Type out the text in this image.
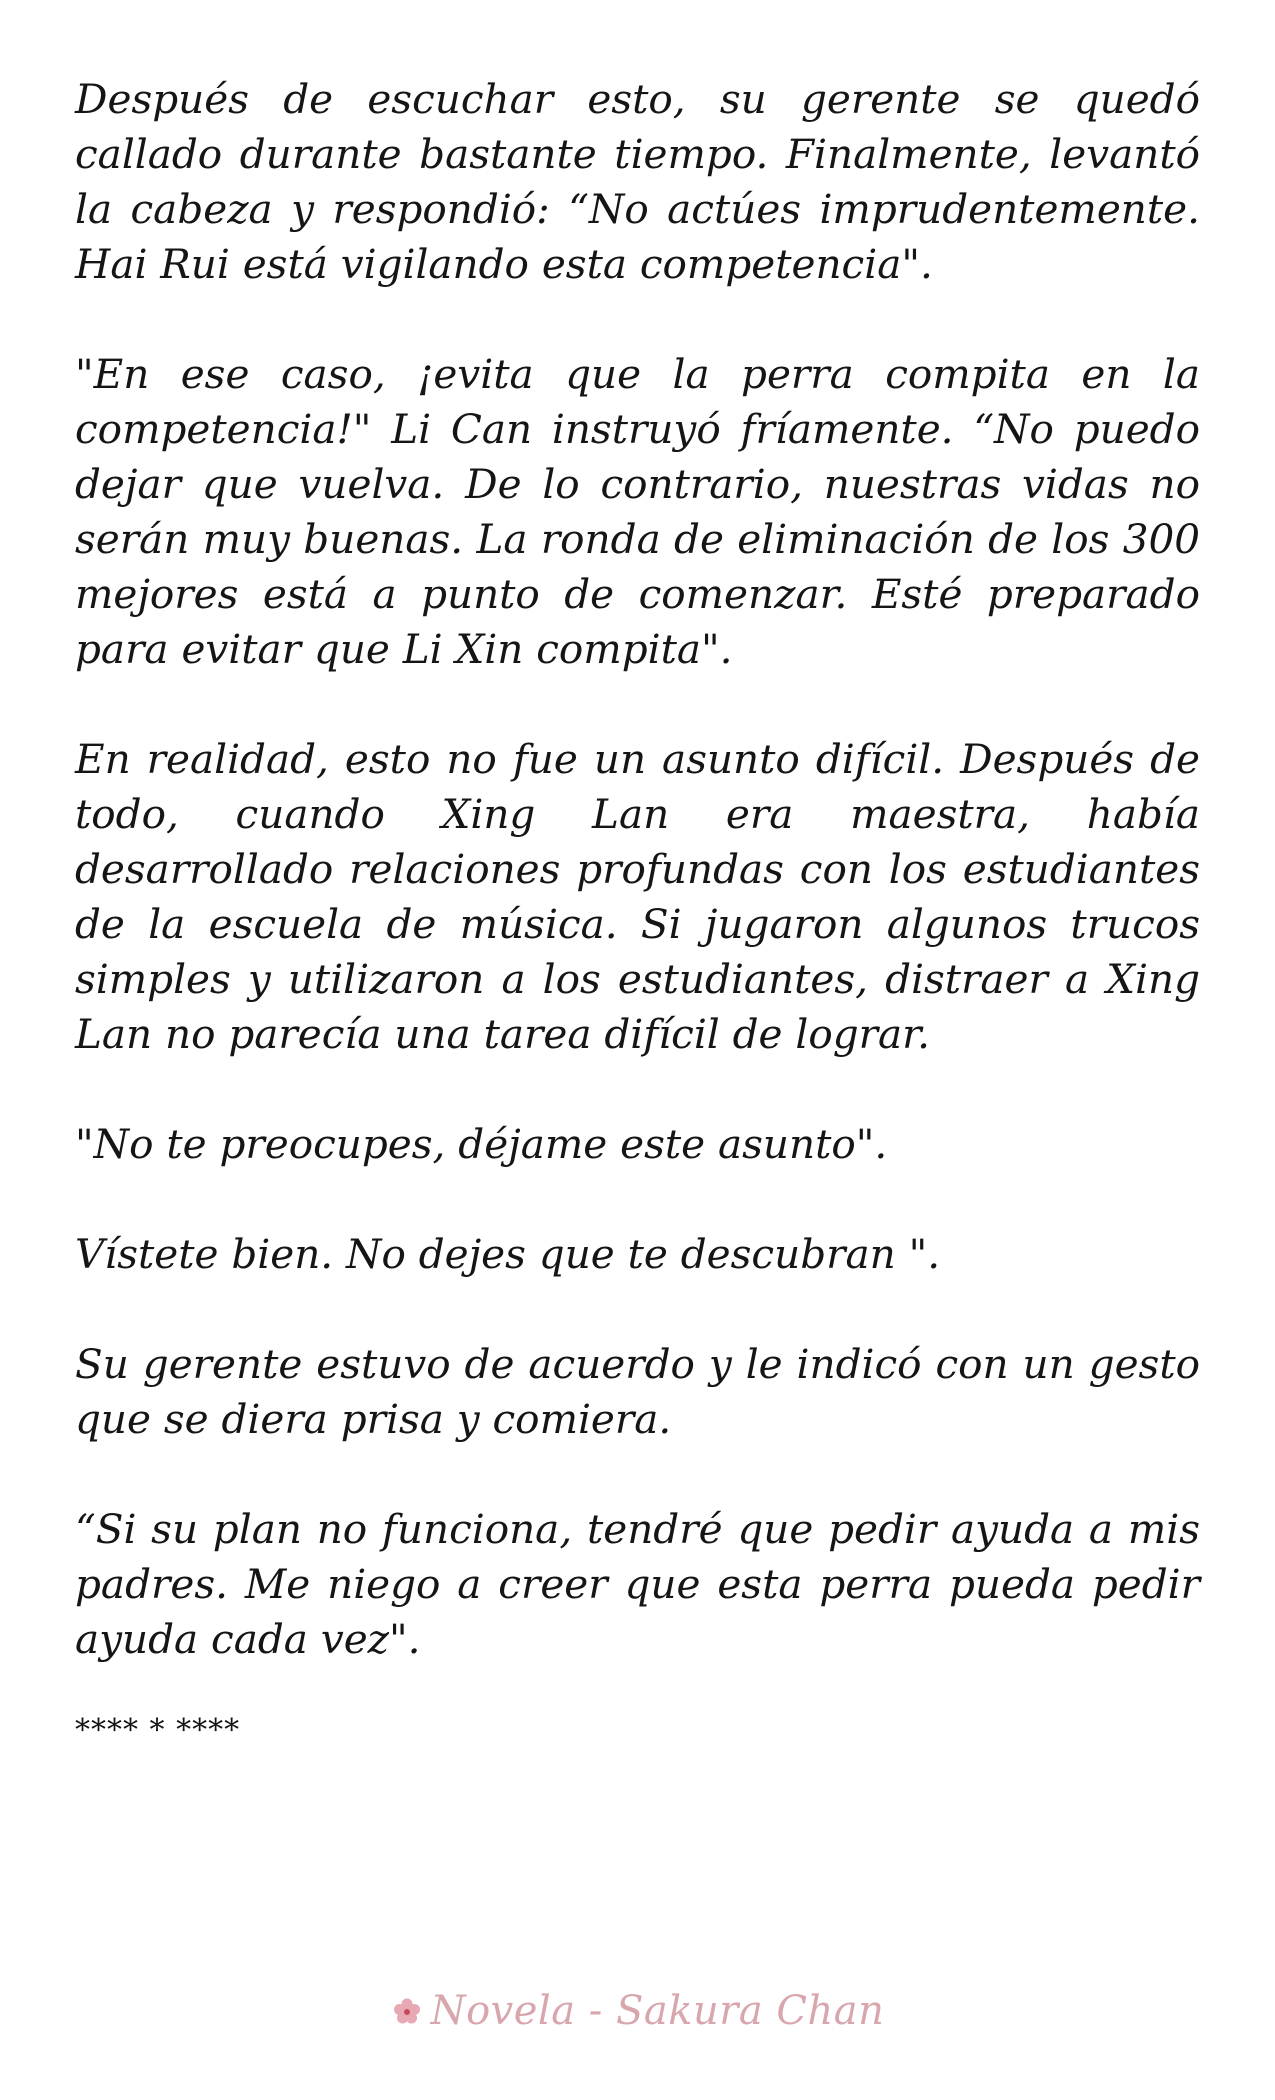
Después de escuchar esto, su gerente se quedó callado durante bastante tiempo. Finalmente, levantó la cabeza y respondió: “No actúes imprudentemente. Hai Rui está vigilando esta competencia".

"En ese caso, ¡evita que la perra compita en la competencia!" Li Can instruyó fríamente. “No puedo dejar que vuelva. De lo contrario, nuestras vidas no serán muy buenas. La ronda de eliminación de los 300 mejores está a punto de comenzar. Esté preparado para evitar que Li Xin compita".

En realidad, esto no fue un asunto difícil. Después de todo, cuando Xing Lan era maestra, había desarrollado relaciones profundas con los estudiantes de la escuela de música. Si jugaron algunos trucos simples y utilizaron a los estudiantes, distraer a Xing Lan no parecía una tarea difícil de lograr.

"No te preocupes, déjame este asunto".

Vístete bien. No dejes que te descubran ".

Su gerente estuvo de acuerdo y le indicó con un gesto que se diera prisa y comiera.

“Si su plan no funciona, tendré que pedir ayuda a mis padres. Me niego a creer que esta perra pueda pedir ayuda cada vez".

**** * ****

Novela - Sakura Chan
